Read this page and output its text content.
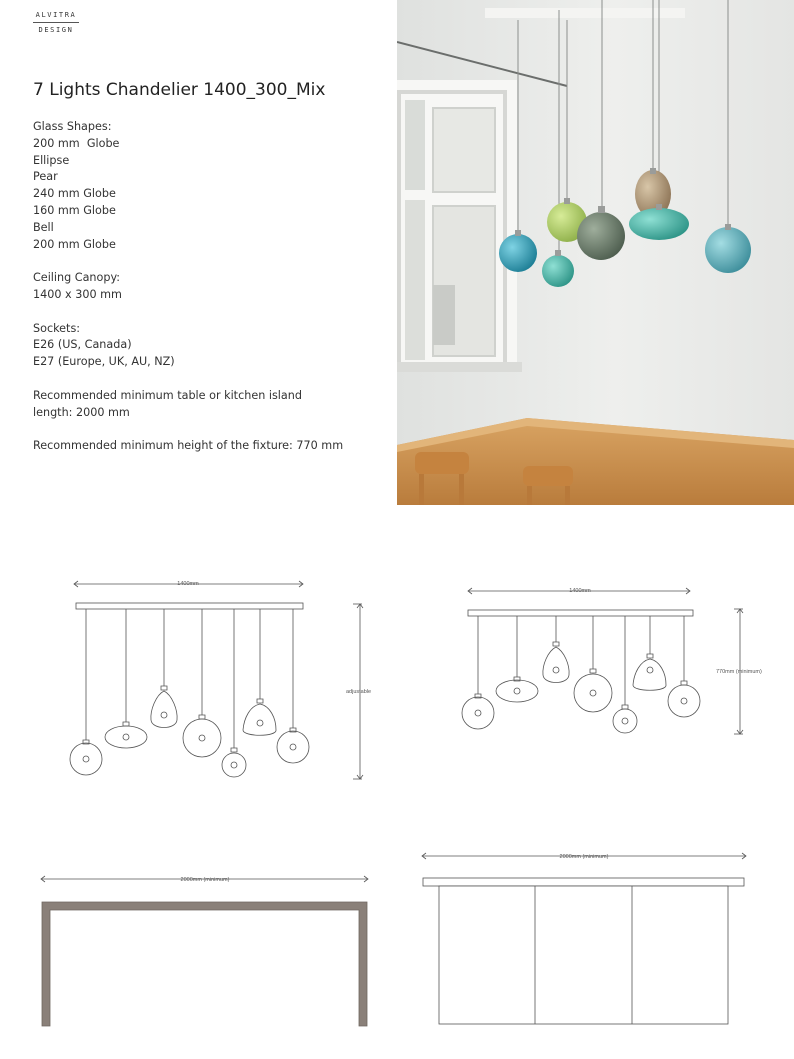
ALVITRA
DESIGN
7 Lights Chandelier 1400_300_Mix
Glass Shapes:
200 mm  Globe
Ellipse
Pear
240 mm Globe
160 mm Globe
Bell
200 mm Globe
Ceiling Canopy:
1400 x 300 mm
Sockets:
E26 (US, Canada)
E27 (Europe, UK, AU, NZ)
Recommended minimum table or kitchen island
length: 2000 mm
Recommended minimum height of the fixture: 770 mm
1400mm
adjustable
1400mm
770mm (minimum)
2000mm (minimum)
2000mm (minimum)
